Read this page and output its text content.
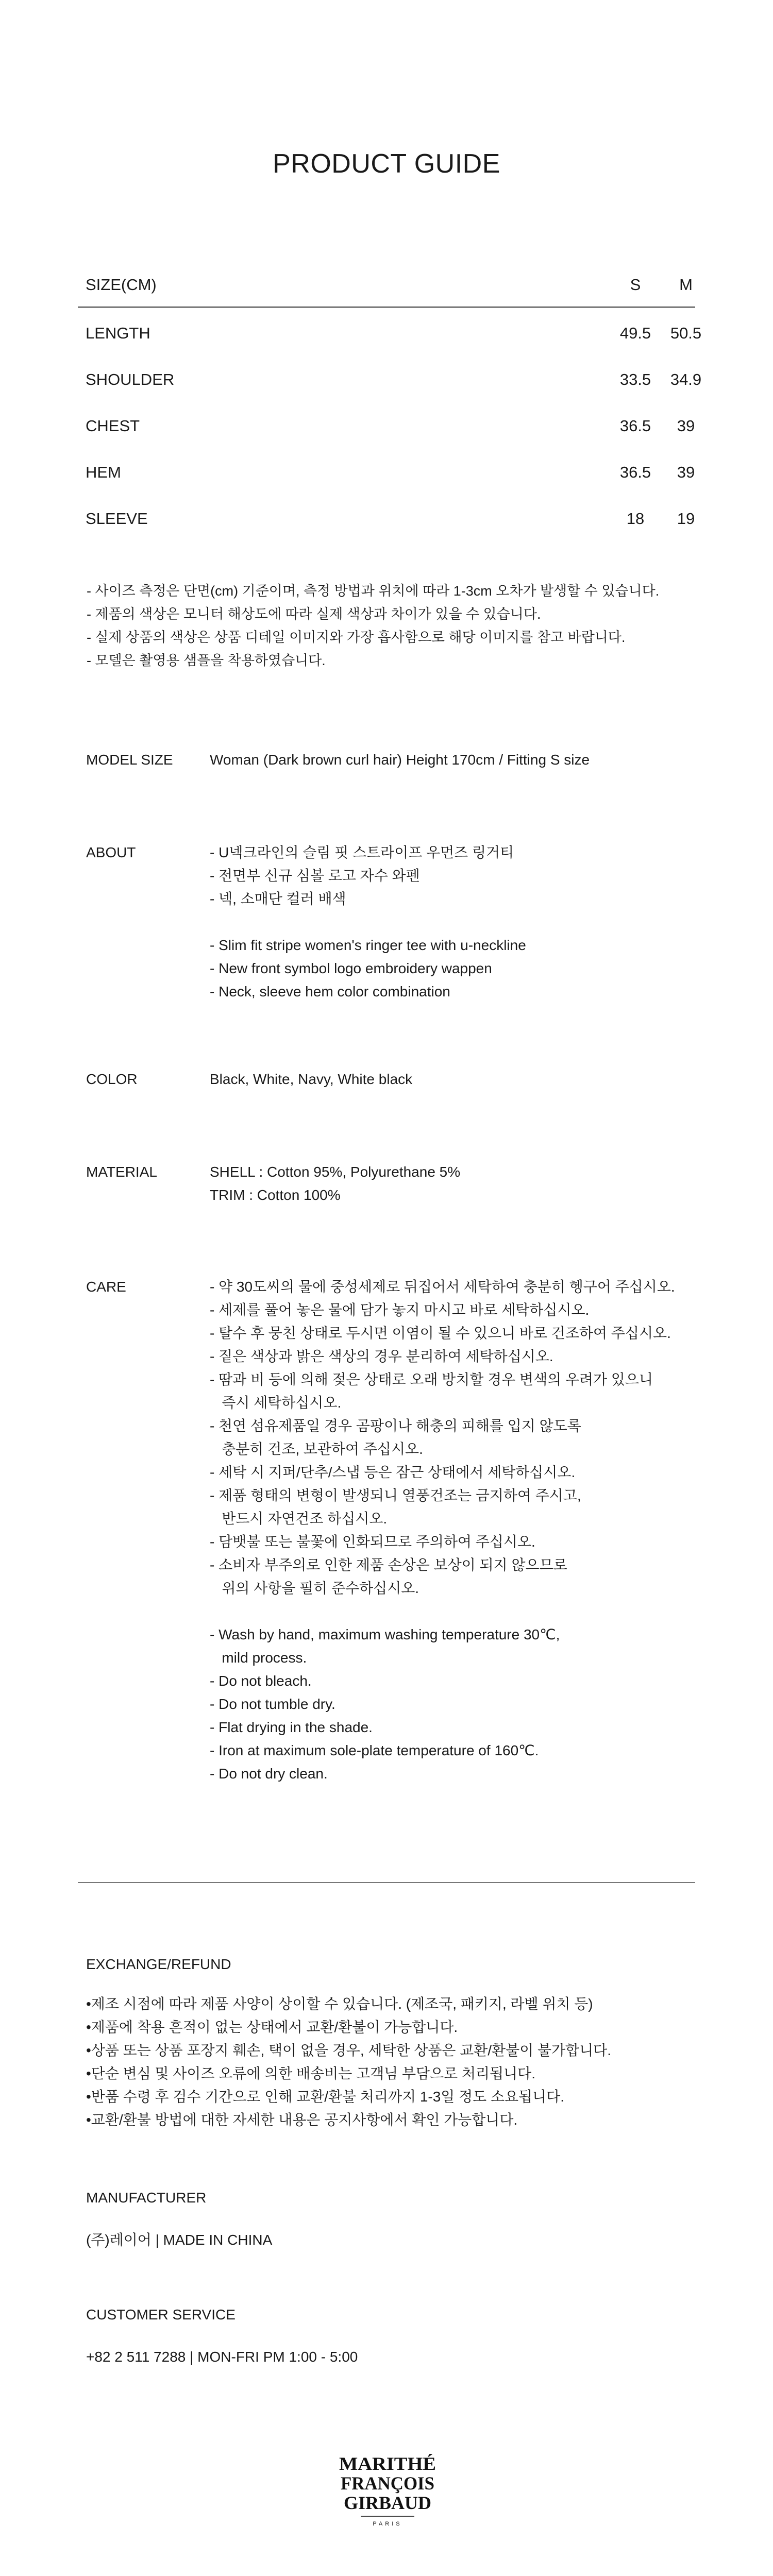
PRODUCT GUIDE
SIZE(CM)	S	M
LENGTH	49.5	50.5
SHOULDER	33.5	34.9
CHEST	36.5	39
HEM	36.5	39
SLEEVE	18	19
- 사이즈 측정은 단면(cm) 기준이며, 측정 방법과 위치에 따라 1-3cm 오차가 발생할 수 있습니다.
- 제품의 색상은 모니터 해상도에 따라 실제 색상과 차이가 있을 수 있습니다.
- 실제 상품의 색상은 상품 디테일 이미지와 가장 흡사함으로 해당 이미지를 참고 바랍니다.
- 모델은 촬영용 샘플을 착용하였습니다.
MODEL SIZE	Woman (Dark brown curl hair) Height 170cm / Fitting S size
ABOUT	- U넥크라인의 슬림 핏 스트라이프 우먼즈 링거티
- 전면부 신규 심볼 로고 자수 와펜
- 넥, 소매단 컬러 배색

- Slim fit stripe women's ringer tee with u-neckline
- New front symbol logo embroidery wappen
- Neck, sleeve hem color combination
COLOR	Black, White, Navy, White black
MATERIAL	SHELL : Cotton 95%, Polyurethane 5%
TRIM : Cotton 100%
CARE	- 약 30도씨의 물에 중성세제로 뒤집어서 세탁하여 충분히 헹구어 주십시오.
- 세제를 풀어 놓은 물에 담가 놓지 마시고 바로 세탁하십시오.
- 탈수 후 뭉친 상태로 두시면 이염이 될 수 있으니 바로 건조하여 주십시오.
- 짙은 색상과 밝은 색상의 경우 분리하여 세탁하십시오.
- 땀과 비 등에 의해 젖은 상태로 오래 방치할 경우 변색의 우려가 있으니
즉시 세탁하십시오.
- 천연 섬유제품일 경우 곰팡이나 해충의 피해를 입지 않도록
충분히 건조, 보관하여 주십시오.
- 세탁 시 지퍼/단추/스냅 등은 잠근 상태에서 세탁하십시오.
- 제품 형태의 변형이 발생되니 열풍건조는 금지하여 주시고,
반드시 자연건조 하십시오.
- 담뱃불 또는 불꽃에 인화되므로 주의하여 주십시오.
- 소비자 부주의로 인한 제품 손상은 보상이 되지 않으므로
위의 사항을 필히 준수하십시오.

- Wash by hand, maximum washing temperature 30℃,
mild process.
- Do not bleach.
- Do not tumble dry.
- Flat drying in the shade.
- Iron at maximum sole-plate temperature of 160℃.
- Do not dry clean.
EXCHANGE/REFUND
•제조 시점에 따라 제품 사양이 상이할 수 있습니다. (제조국, 패키지, 라벨 위치 등)
•제품에 착용 흔적이 없는 상태에서 교환/환불이 가능합니다.
•상품 또는 상품 포장지 훼손, 택이 없을 경우, 세탁한 상품은 교환/환불이 불가합니다.
•단순 변심 및 사이즈 오류에 의한 배송비는 고객님 부담으로 처리됩니다.
•반품 수령 후 검수 기간으로 인해 교환/환불 처리까지 1-3일 정도 소요됩니다.
•교환/환불 방법에 대한 자세한 내용은 공지사항에서 확인 가능합니다.
MANUFACTURER
(주)레이어 | MADE IN CHINA
CUSTOMER SERVICE
+82 2 511 7288 | MON-FRI PM 1:00 - 5:00
MARITHÉ
FRANÇOIS
GIRBAUD
PARIS
